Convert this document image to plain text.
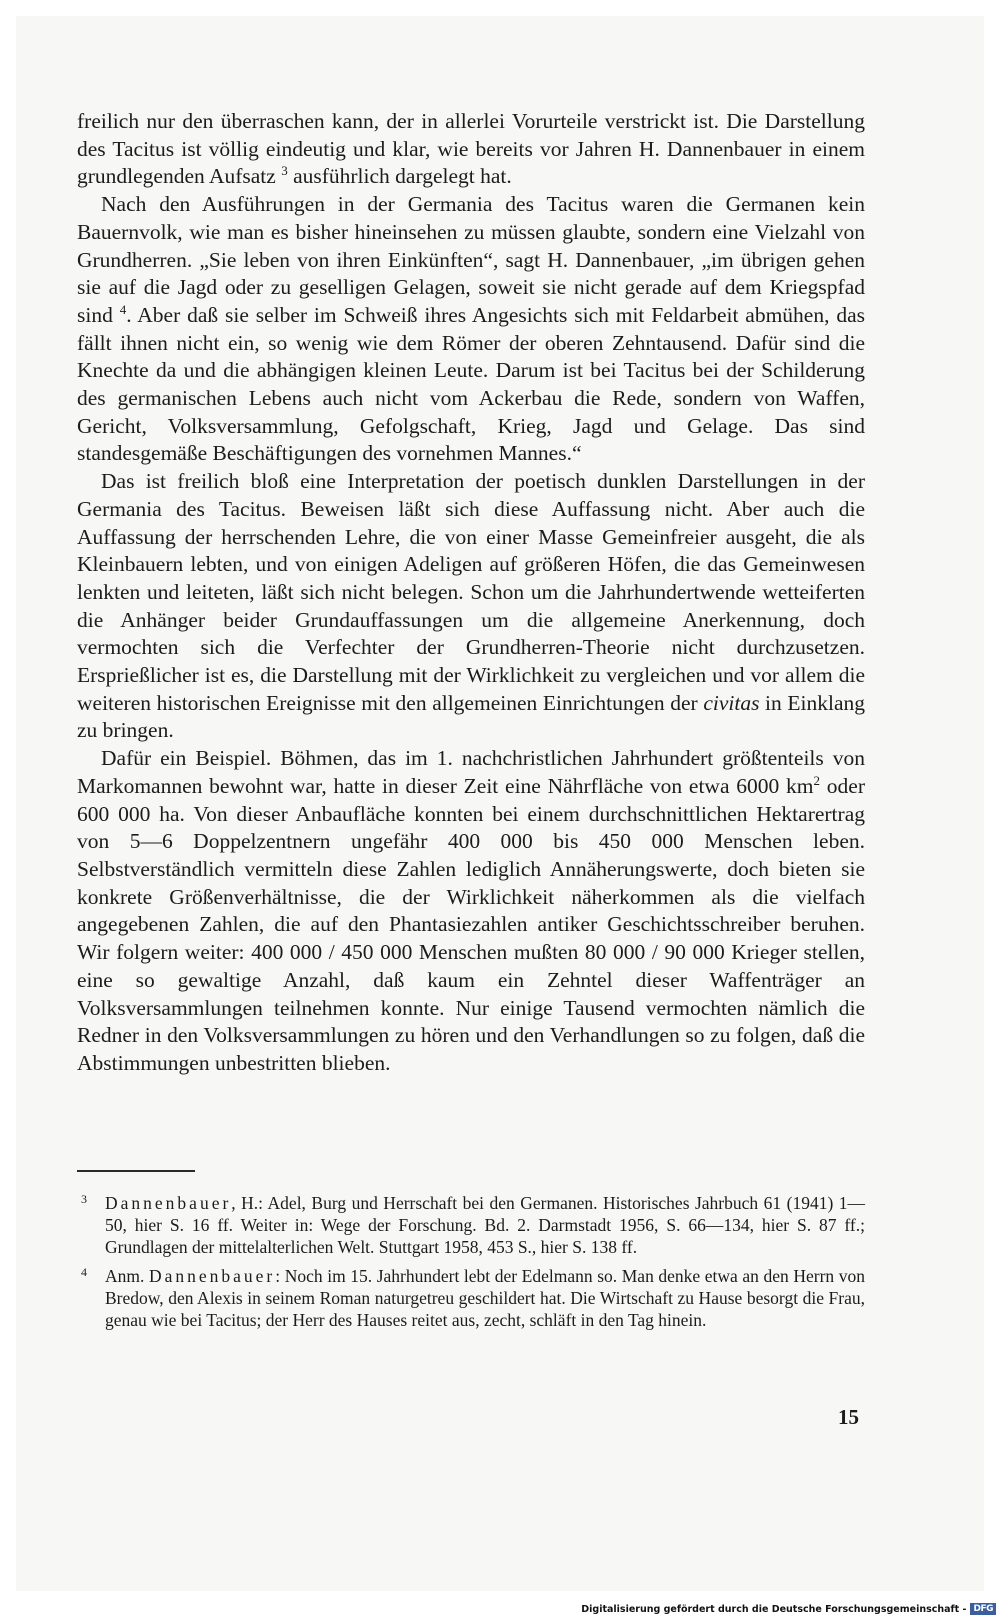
freilich nur den überraschen kann, der in allerlei Vorurteile verstrickt ist. Die Darstellung des Tacitus ist völlig eindeutig und klar, wie bereits vor Jahren H. Dannenbauer in einem grundlegenden Aufsatz $^3$ ausführlich dargelegt hat.

Nach den Ausführungen in der Germania des Tacitus waren die Germanen kein Bauernvolk, wie man es bisher hineinsehen zu müssen glaubte, sondern eine Vielzahl von Grundherren. „Sie leben von ihren Einkünften“, sagt H. Dannenbauer, „im übrigen gehen sie auf die Jagd oder zu geselligen Gelagen, soweit sie nicht gerade auf dem Kriegspfad sind $^4$. Aber daß sie selber im Schweiß ihres Angesichts sich mit Feldarbeit abmühen, das fällt ihnen nicht ein, so wenig wie dem Römer der oberen Zehntausend. Dafür sind die Knechte da und die abhängigen kleinen Leute. Darum ist bei Tacitus bei der Schilderung des germanischen Lebens auch nicht vom Ackerbau die Rede, sondern von Waffen, Gericht, Volksversammlung, Gefolgschaft, Krieg, Jagd und Gelage. Das sind standesgemäße Beschäftigungen des vornehmen Mannes.“

Das ist freilich bloß eine Interpretation der poetisch dunklen Darstellungen in der Germania des Tacitus. Beweisen läßt sich diese Auffassung nicht. Aber auch die Auffassung der herrschenden Lehre, die von einer Masse Gemeinfreier ausgeht, die als Kleinbauern lebten, und von einigen Adeligen auf größeren Höfen, die das Gemeinwesen lenkten und leiteten, läßt sich nicht belegen. Schon um die Jahrhundertwende wetteiferten die Anhänger beider Grundauffassungen um die allgemeine Anerkennung, doch vermochten sich die Verfechter der Grundherren-Theorie nicht durchzusetzen. Ersprießlicher ist es, die Darstellung mit der Wirklichkeit zu vergleichen und vor allem die weiteren historischen Ereignisse mit den allgemeinen Einrichtungen der civitas in Einklang zu bringen.

Dafür ein Beispiel. Böhmen, das im 1. nachchristlichen Jahrhundert größtenteils von Markomannen bewohnt war, hatte in dieser Zeit eine Nährfläche von etwa 6000 $km^2$ oder 600 000 ha. Von dieser Anbaufläche konnten bei einem durchschnittlichen Hektarertrag von 5—6 Doppelzentnern ungefähr 400 000 bis 450 000 Menschen leben. Selbstverständlich vermitteln diese Zahlen lediglich Annäherungswerte, doch bieten sie konkrete Größenverhältnisse, die der Wirklichkeit näherkommen als die vielfach angegebenen Zahlen, die auf den Phantasiezahlen antiker Geschichtsschreiber beruhen. Wir folgern weiter: 400 000 / 450 000 Menschen mußten 80 000 / 90 000 Krieger stellen, eine so gewaltige Anzahl, daß kaum ein Zehntel dieser Waffenträger an Volksversammlungen teilnehmen konnte. Nur einige Tausend vermochten nämlich die Redner in den Volksversammlungen zu hören und den Verhandlungen so zu folgen, daß die Abstimmungen unbestritten blieben.

3 Dannenbauer, H.: Adel, Burg und Herrschaft bei den Germanen. Historisches Jahrbuch 61 (1941) 1—50, hier S. 16 ff. Weiter in: Wege der Forschung. Bd. 2. Darmstadt 1956, S. 66—134, hier S. 87 ff.; Grundlagen der mittelalterlichen Welt. Stuttgart 1958, 453 S., hier S. 138 ff.
4 Anm. Dannenbauer: Noch im 15. Jahrhundert lebt der Edelmann so. Man denke etwa an den Herrn von Bredow, den Alexis in seinem Roman naturgetreu geschildert hat. Die Wirtschaft zu Hause besorgt die Frau, genau wie bei Tacitus; der Herr des Hauses reitet aus, zecht, schläft in den Tag hinein.
15
Digitalisierung gefördert durch die Deutsche Forschungsgemeinschaft - DFG
